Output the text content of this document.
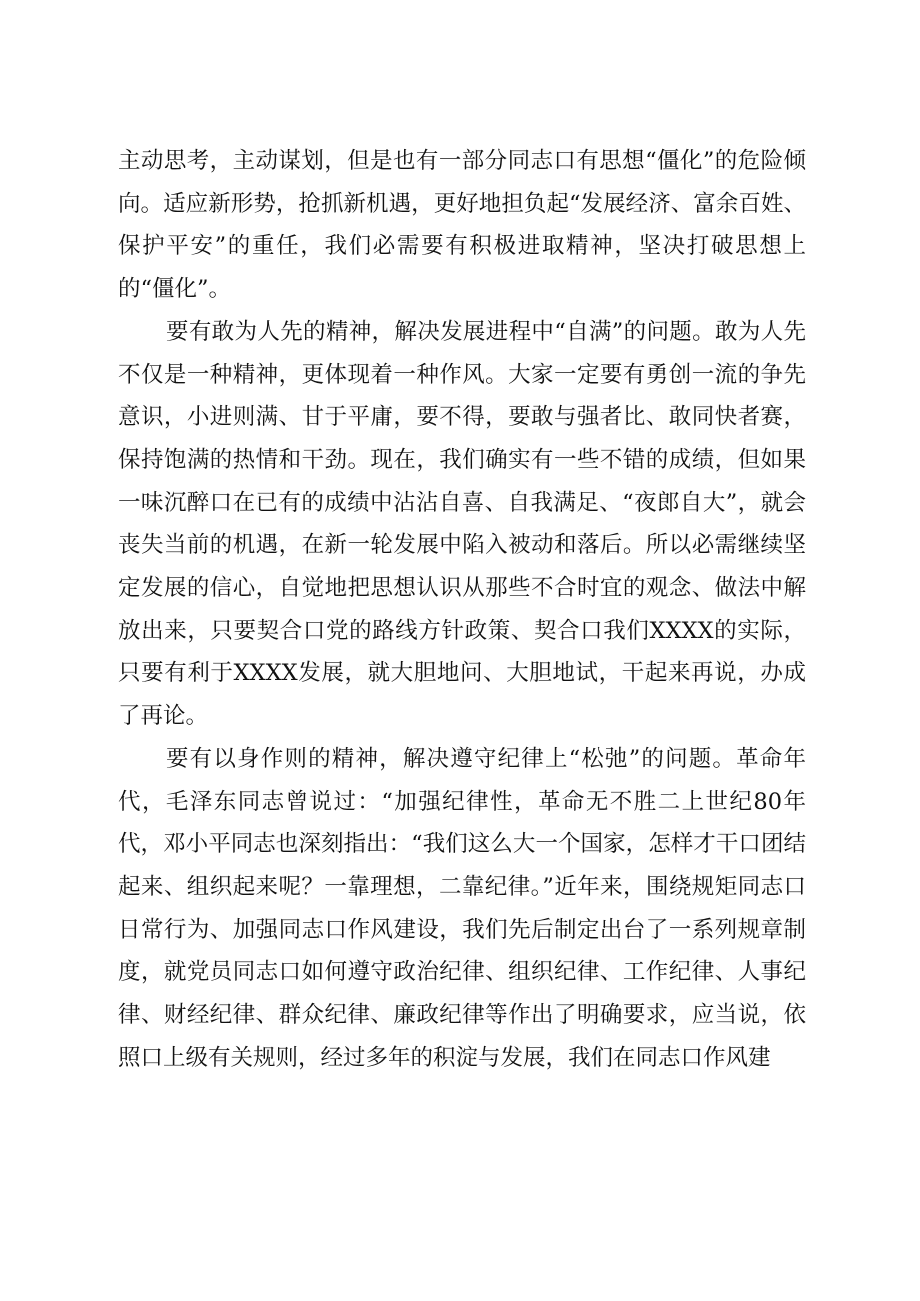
主动思考，主动谋划，但是也有一部分同志口有思想“僵化”的危险倾向。适应新形势，抢抓新机遇，更好地担负起“发展经济、富余百姓、保护平安”的重任，我们必需要有积极进取精神，坚决打破思想上的“僵化”。

要有敢为人先的精神，解决发展进程中“自满”的问题。敢为人先不仅是一种精神，更体现着一种作风。大家一定要有勇创一流的争先意识，小进则满、甘于平庸，要不得，要敢与强者比、敢同快者赛，保持饱满的热情和干劲。现在，我们确实有一些不错的成绩，但如果一味沉醉口在已有的成绩中沾沾自喜、自我满足、“夜郎自大”，就会丧失当前的机遇，在新一轮发展中陷入被动和落后。所以必需继续坚定发展的信心，自觉地把思想认识从那些不合时宜的观念、做法中解放出来，只要契合口党的路线方针政策、契合口我们XXXX的实际，只要有利于XXXX发展，就大胆地问、大胆地试，干起来再说，办成了再论。

要有以身作则的精神，解决遵守纪律上“松弛”的问题。革命年代，毛泽东同志曾说过：“加强纪律性，革命无不胜二上世纪80年代，邓小平同志也深刻指出：“我们这么大一个国家，怎样才干口团结起来、组织起来呢？一靠理想，二靠纪律。”近年来，围绕规矩同志口日常行为、加强同志口作风建设，我们先后制定出台了一系列规章制度，就党员同志口如何遵守政治纪律、组织纪律、工作纪律、人事纪律、财经纪律、群众纪律、廉政纪律等作出了明确要求，应当说，依照口上级有关规则，经过多年的积淀与发展，我们在同志口作风建
